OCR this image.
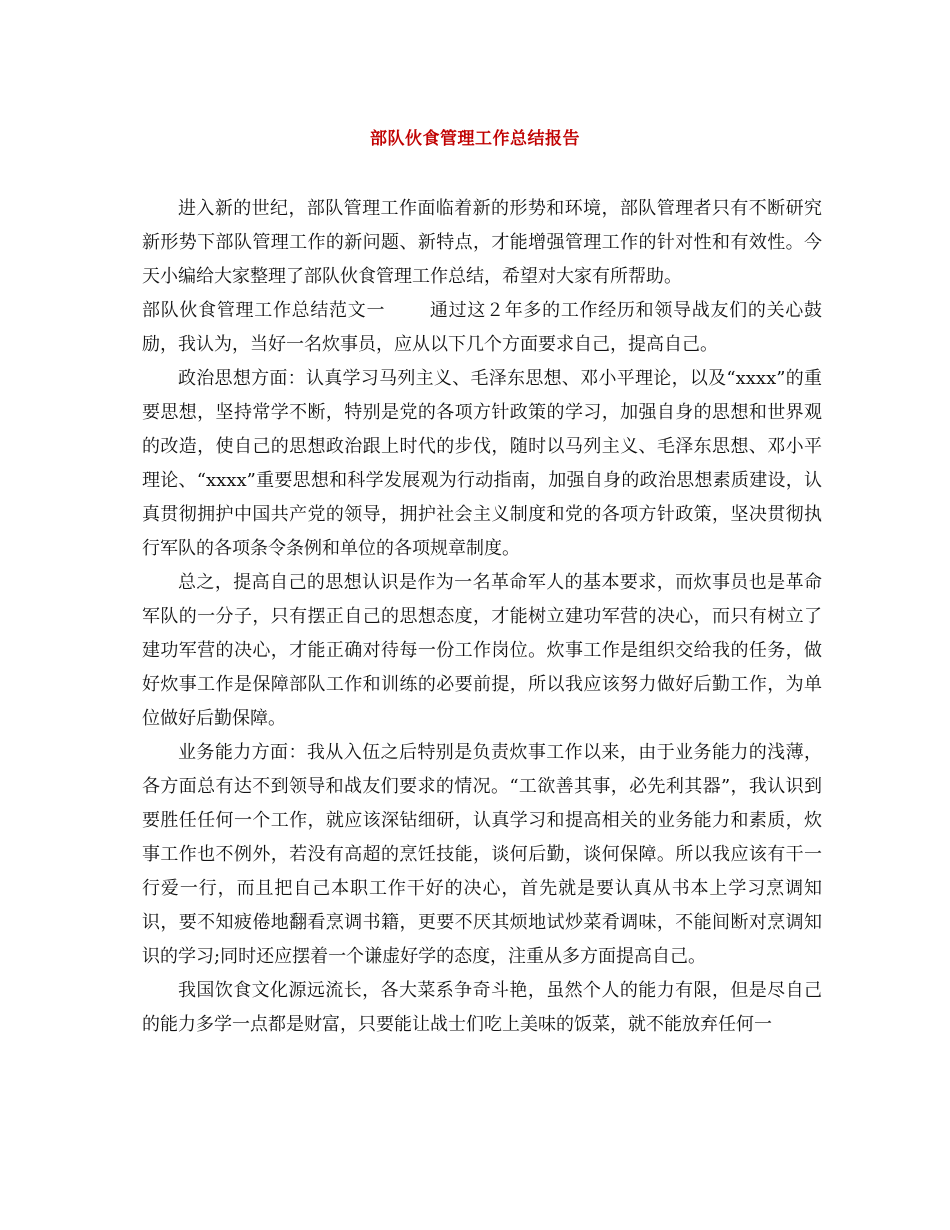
部队伙食管理工作总结报告

进入新的世纪，部队管理工作面临着新的形势和环境，部队管理者只有不断研究新形势下部队管理工作的新问题、新特点，才能增强管理工作的针对性和有效性。今天小编给大家整理了部队伙食管理工作总结，希望对大家有所帮助。

部队伙食管理工作总结范文一 通过这２年多的工作经历和领导战友们的关心鼓励，我认为，当好一名炊事员，应从以下几个方面要求自己，提高自己。

政治思想方面：认真学习马列主义、毛泽东思想、邓小平理论，以及“xxxx”的重要思想，坚持常学不断，特别是党的各项方针政策的学习，加强自身的思想和世界观的改造，使自己的思想政治跟上时代的步伐，随时以马列主义、毛泽东思想、邓小平理论、“xxxx”重要思想和科学发展观为行动指南，加强自身的政治思想素质建设，认真贯彻拥护中国共产党的领导，拥护社会主义制度和党的各项方针政策，坚决贯彻执行军队的各项条令条例和单位的各项规章制度。

总之，提高自己的思想认识是作为一名革命军人的基本要求，而炊事员也是革命军队的一分子，只有摆正自己的思想态度，才能树立建功军营的决心，而只有树立了建功军营的决心，才能正确对待每一份工作岗位。炊事工作是组织交给我的任务，做好炊事工作是保障部队工作和训练的必要前提，所以我应该努力做好后勤工作，为单位做好后勤保障。

业务能力方面：我从入伍之后特别是负责炊事工作以来，由于业务能力的浅薄，各方面总有达不到领导和战友们要求的情况。“工欲善其事，必先利其器”，我认识到要胜任任何一个工作，就应该深钻细研，认真学习和提高相关的业务能力和素质，炊事工作也不例外，若没有高超的烹饪技能，谈何后勤，谈何保障。所以我应该有干一行爱一行，而且把自己本职工作干好的决心，首先就是要认真从书本上学习烹调知识，要不知疲倦地翻看烹调书籍，更要不厌其烦地试炒菜肴调味，不能间断对烹调知识的学习;同时还应摆着一个谦虚好学的态度，注重从多方面提高自己。

我国饮食文化源远流长，各大菜系争奇斗艳，虽然个人的能力有限，但是尽自己的能力多学一点都是财富，只要能让战士们吃上美味的饭菜，就不能放弃任何一
